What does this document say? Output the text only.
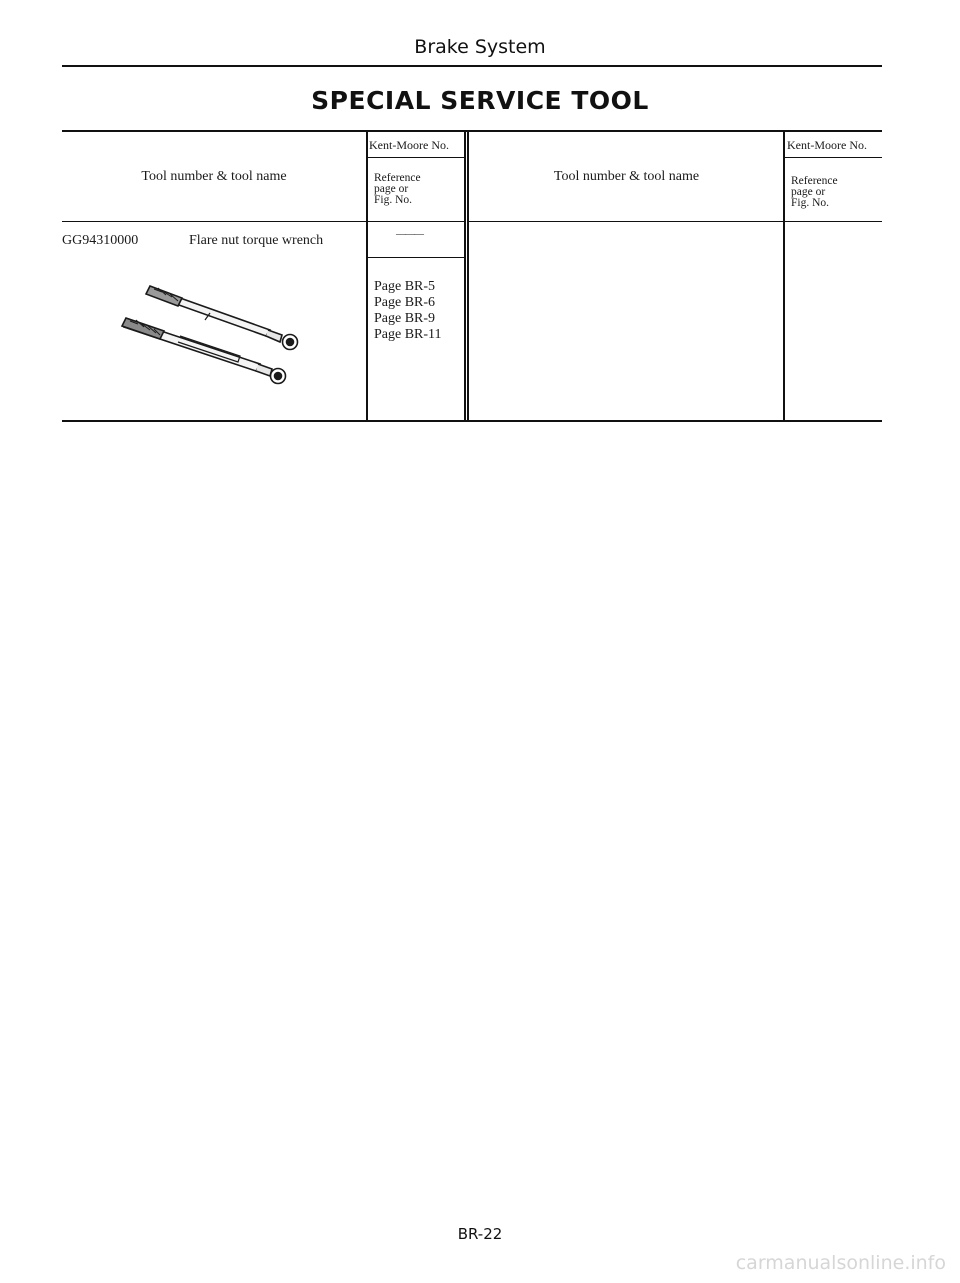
Brake System
SPECIAL SERVICE TOOL
Tool number & tool name
Kent-Moore No.
Reference
page or
Fig. No.
Tool number & tool name
Kent-Moore No.
Reference
page or
Fig. No.
GG94310000	Flare nut torque wrench	———
Page BR-5
Page BR-6
Page BR-9
Page BR-11
BR-22
carmanualsonline.info
